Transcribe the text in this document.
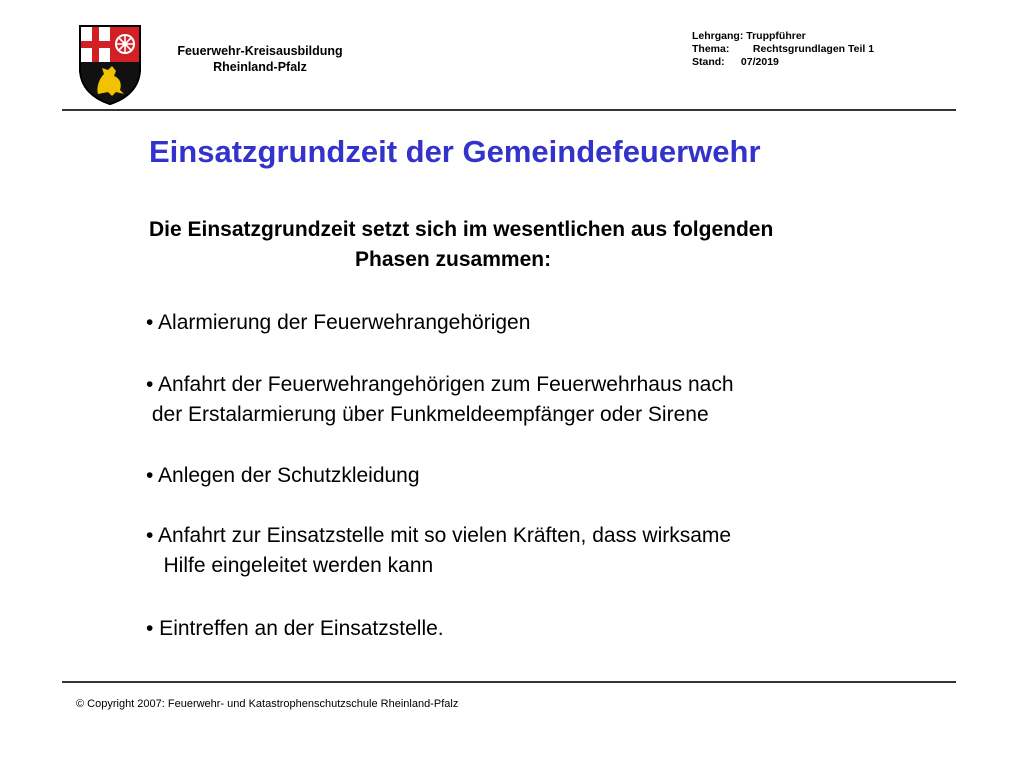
Feuerwehr-Kreisausbildung
Rheinland-Pfalz
Lehrgang: Truppführer
Thema: Rechtsgrundlagen Teil 1
Stand: 07/2019
Einsatzgrundzeit der Gemeindefeuerwehr
Die Einsatzgrundzeit setzt sich im wesentlichen aus folgenden
Phasen zusammen:
• Alarmierung der Feuerwehrangehörigen
• Anfahrt der Feuerwehrangehörigen zum Feuerwehrhaus nach
der Erstalarmierung über Funkmeldeempfänger oder Sirene
• Anlegen der Schutzkleidung
• Anfahrt zur Einsatzstelle mit so vielen Kräften, dass wirksame
Hilfe eingeleitet werden kann
• Eintreffen an der Einsatzstelle.
© Copyright 2007: Feuerwehr- und Katastrophenschutzschule Rheinland-Pfalz
